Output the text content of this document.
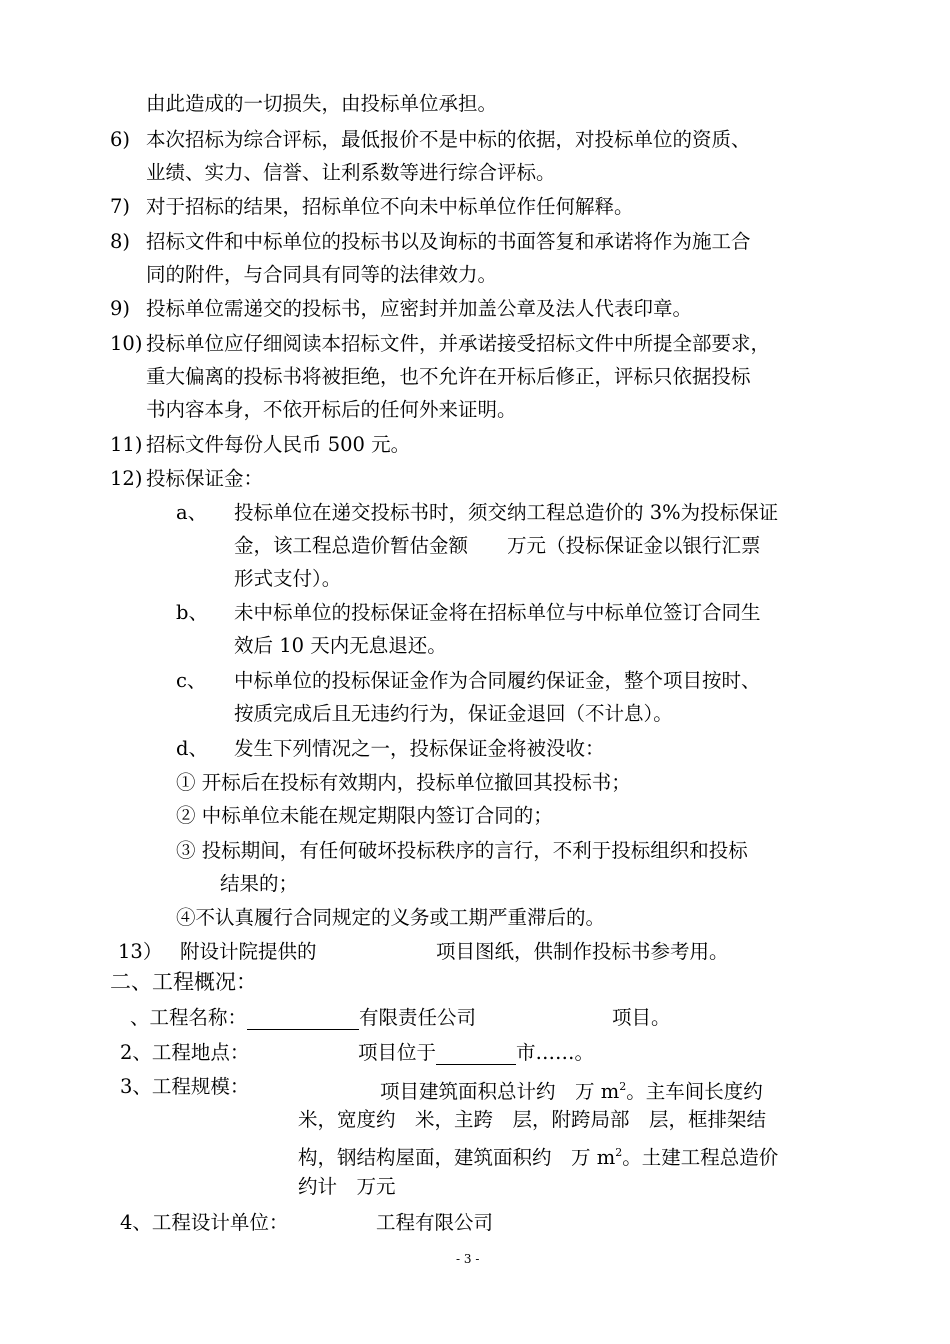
由此造成的一切损失，由投标单位承担。
6) 本次招标为综合评标，最低报价不是中标的依据，对投标单位的资质、
业绩、实力、信誉、让利系数等进行综合评标。
7) 对于招标的结果，招标单位不向未中标单位作任何解释。
8) 招标文件和中标单位的投标书以及询标的书面答复和承诺将作为施工合
同的附件，与合同具有同等的法律效力。
9) 投标单位需递交的投标书，应密封并加盖公章及法人代表印章。
10) 投标单位应仔细阅读本招标文件，并承诺接受招标文件中所提全部要求，
重大偏离的投标书将被拒绝，也不允许在开标后修正，评标只依据投标
书内容本身，不依开标后的任何外来证明。
11) 招标文件每份人民币 500 元。
12) 投标保证金：
a、 投标单位在递交投标书时，须交纳工程总造价的 3%为投标保证
金，该工程总造价暂估金额　　万元（投标保证金以银行汇票
形式支付）。
b、 未中标单位的投标保证金将在招标单位与中标单位签订合同生
效后 10 天内无息退还。
c、 中标单位的投标保证金作为合同履约保证金，整个项目按时、
按质完成后且无违约行为，保证金退回（不计息）。
d、 发生下列情况之一，投标保证金将被没收：
① 开标后在投标有效期内，投标单位撤回其投标书；
② 中标单位未能在规定期限内签订合同的；
③ 投标期间，有任何破坏投标秩序的言行，不利于投标组织和投标
结果的；
④不认真履行合同规定的义务或工期严重滞后的。
13） 附设计院提供的	项目图纸，供制作投标书参考用。
二、工程概况：
、工程名称：	有限责任公司	项目。
2、工程地点：	项目位于	市……。
3、工程规模：	项目建筑面积总计约　万 $m^2$。主车间长度约
米，宽度约　米，主跨　层，附跨局部　层，框排架结
构，钢结构屋面，建筑面积约　万 $m^2$。土建工程总造价
约计　万元
4、工程设计单位：	工程有限公司
- 3 -
